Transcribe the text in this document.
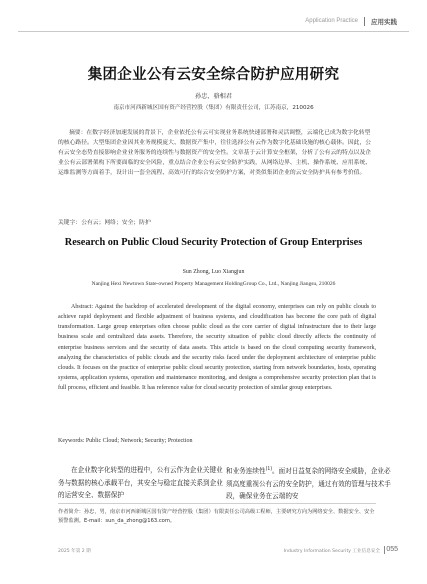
Application Practice 应用实践
集团企业公有云安全综合防护应用研究
孙忠，骆相君
南京市河西新城区国有资产经营控股（集团）有限责任公司，江苏南京，210026
摘要：在数字经济加速发展的背景下，企业依托公有云可实现业务系统快速部署和灵活调整，云端化已成为数字化转型的核心路径。大型集团企业因其业务规模庞大、数据资产集中，往往选择公有云作为数字化基础设施的核心载体。因此，公有云安全态势直接影响企业业务服务的连续性与数据资产的安全性。文章基于云计算安全框架，分析了公有云的特点以及企业公有云部署架构下所要面临的安全风险，重点结合企业公有云安全防护实践，从网络边界、主机、操作系统、应用系统、运维监测等方面着手，设计出一套全流程、高效可行的综合安全防护方案，对类似集团企业的云安全防护具有参考价值。
关键字：公有云；网络；安全；防护
Research on Public Cloud Security Protection of Group Enterprises
Sun Zhong, Luo Xiangjun
Nanjing Hexi Newtown State-owned Property Management HoldingGroup Co., Ltd., Nanjing Jiangsu, 210026
Abstract: Against the backdrop of accelerated development of the digital economy, enterprises can rely on public clouds to achieve rapid deployment and flexible adjustment of business systems, and cloudification has become the core path of digital transformation. Large group enterprises often choose public cloud as the core carrier of digital infrastructure due to their large business scale and centralized data assets. Therefore, the security situation of public cloud directly affects the continuity of enterprise business services and the security of data assets. This article is based on the cloud computing security framework, analyzing the characteristics of public clouds and the security risks faced under the deployment architecture of enterprise public clouds. It focuses on the practice of enterprise public cloud security protection, starting from network boundaries, hosts, operating systems, application systems, operation and maintenance monitoring, and designs a comprehensive security protection plan that is full process, efficient and feasible. It has reference value for cloud security protection of similar group enterprises.
Keywords: Public Cloud; Network; Security; Protection
在企业数字化转型的进程中，公有云作为企业关键业务与数据的核心承载平台，其安全与稳定直接关系到企业的运营安全、数据保护
和业务连续性[1]。面对日益复杂的网络安全威胁，企业必须高度重视公有云的安全防护，通过有效的管理与技术手段，确保业务在云端的安
作者简介：孙忠，男，南京市河西新城区国有资产经营控股（集团）有限责任公司高级工程师，主要研究方向为网络安全、数据安全、安全预警监测。E-mail：sun_da_zhong@163.com。
2025 年第 2 期	Industry Information Security 工业信息安全 055
